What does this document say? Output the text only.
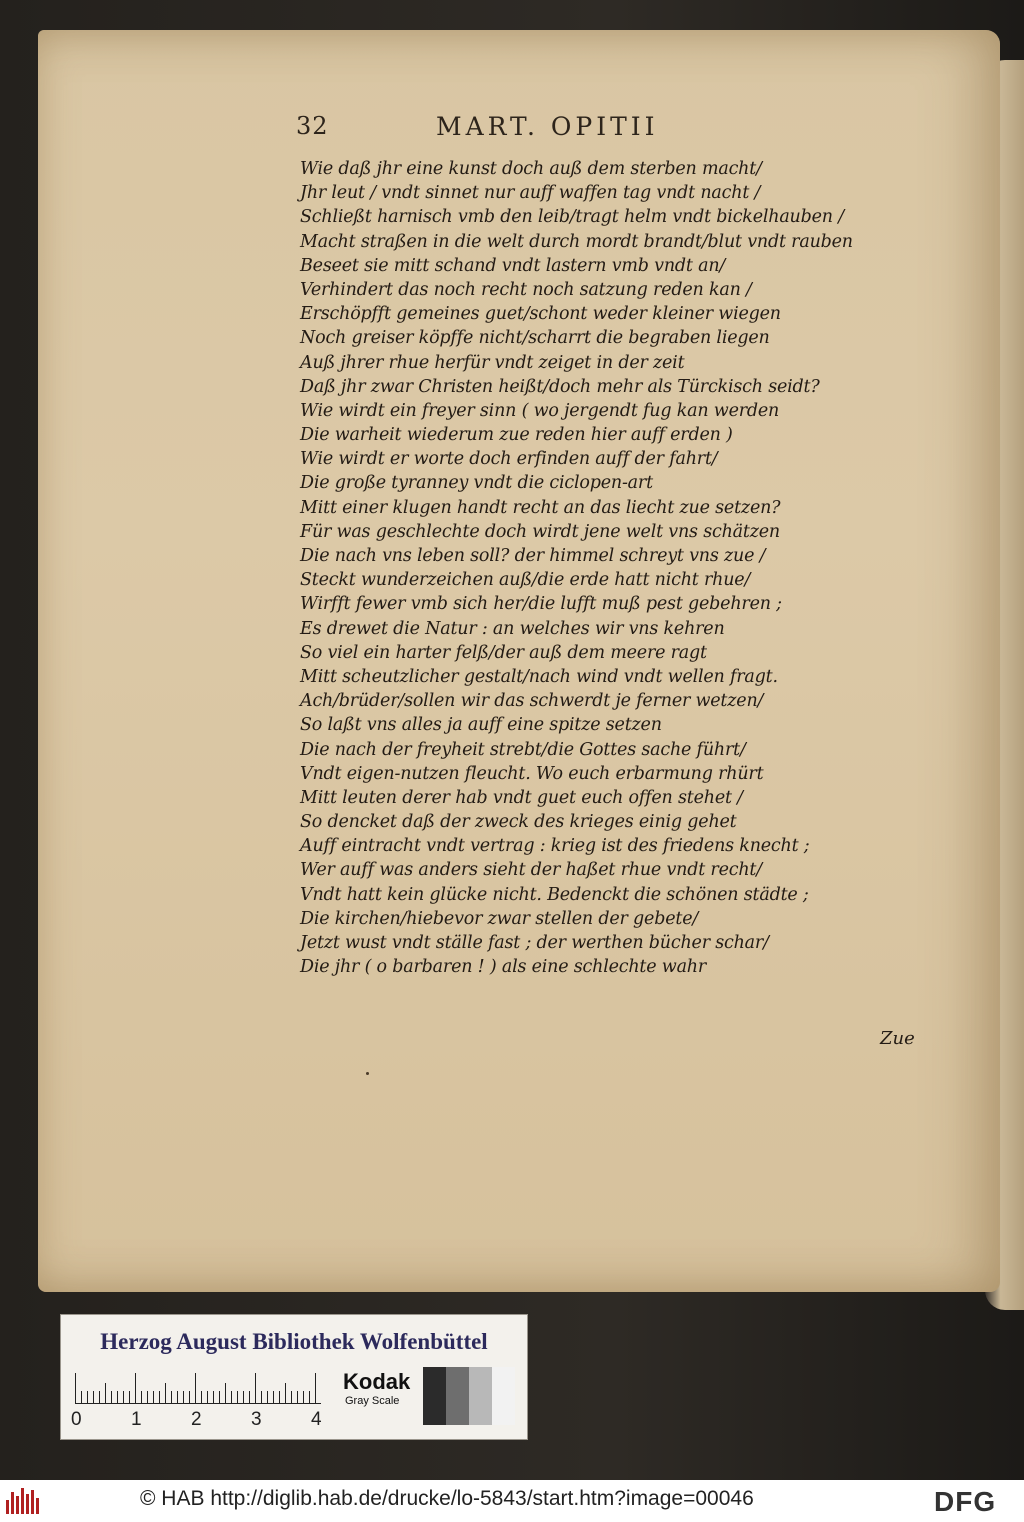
32	MART. OPITII
Wie daß jhr eine kunst doch auß dem sterben macht/
Jhr leut / vndt sinnet nur auff waffen tag vndt nacht /
Schließt harnisch vmb den leib/tragt helm vndt bickelhauben /
Macht straßen in die welt durch mordt brandt/blut vndt rauben
Beseet sie mitt schand vndt lastern vmb vndt an/
Verhindert das noch recht noch satzung reden kan /
Erschöpfft gemeines guet/schont weder kleiner wiegen
Noch greiser köpffe nicht/scharrt die begraben liegen
Auß jhrer rhue herfür vndt zeiget in der zeit
Daß jhr zwar Christen heißt/doch mehr als Türckisch seidt?
Wie wirdt ein freyer sinn ( wo jergendt fug kan werden
Die warheit wiederum zue reden hier auff erden )
Wie wirdt er worte doch erfinden auff der fahrt/
Die große tyranney vndt die ciclopen-art
Mitt einer klugen handt recht an das liecht zue setzen?
Für was geschlechte doch wirdt jene welt vns schätzen
Die nach vns leben soll? der himmel schreyt vns zue /
Steckt wunderzeichen auß/die erde hatt nicht rhue/
Wirfft fewer vmb sich her/die lufft muß pest gebehren ;
Es drewet die Natur : an welches wir vns kehren
So viel ein harter felß/der auß dem meere ragt
Mitt scheutzlicher gestalt/nach wind vndt wellen fragt.
Ach/brüder/sollen wir das schwerdt je ferner wetzen/
So laßt vns alles ja auff eine spitze setzen
Die nach der freyheit strebt/die Gottes sache führt/
Vndt eigen-nutzen fleucht. Wo euch erbarmung rhürt
Mitt leuten derer hab vndt guet euch offen stehet /
So dencket daß der zweck des krieges einig gehet
Auff eintracht vndt vertrag : krieg ist des friedens knecht ;
Wer auff was anders sieht der haßet rhue vndt recht/
Vndt hatt kein glücke nicht. Bedenckt die schönen städte ;
Die kirchen/hiebevor zwar stellen der gebete/
Jetzt wust vndt ställe fast ; der werthen bücher schar/
Die jhr ( o barbaren ! ) als eine schlechte wahr
Zue
Herzog August Bibliothek Wolfenbüttel
0	1	2	3	4
Kodak
Gray Scale
© HAB http://diglib.hab.de/drucke/lo-5843/start.htm?image=00046	DFG
